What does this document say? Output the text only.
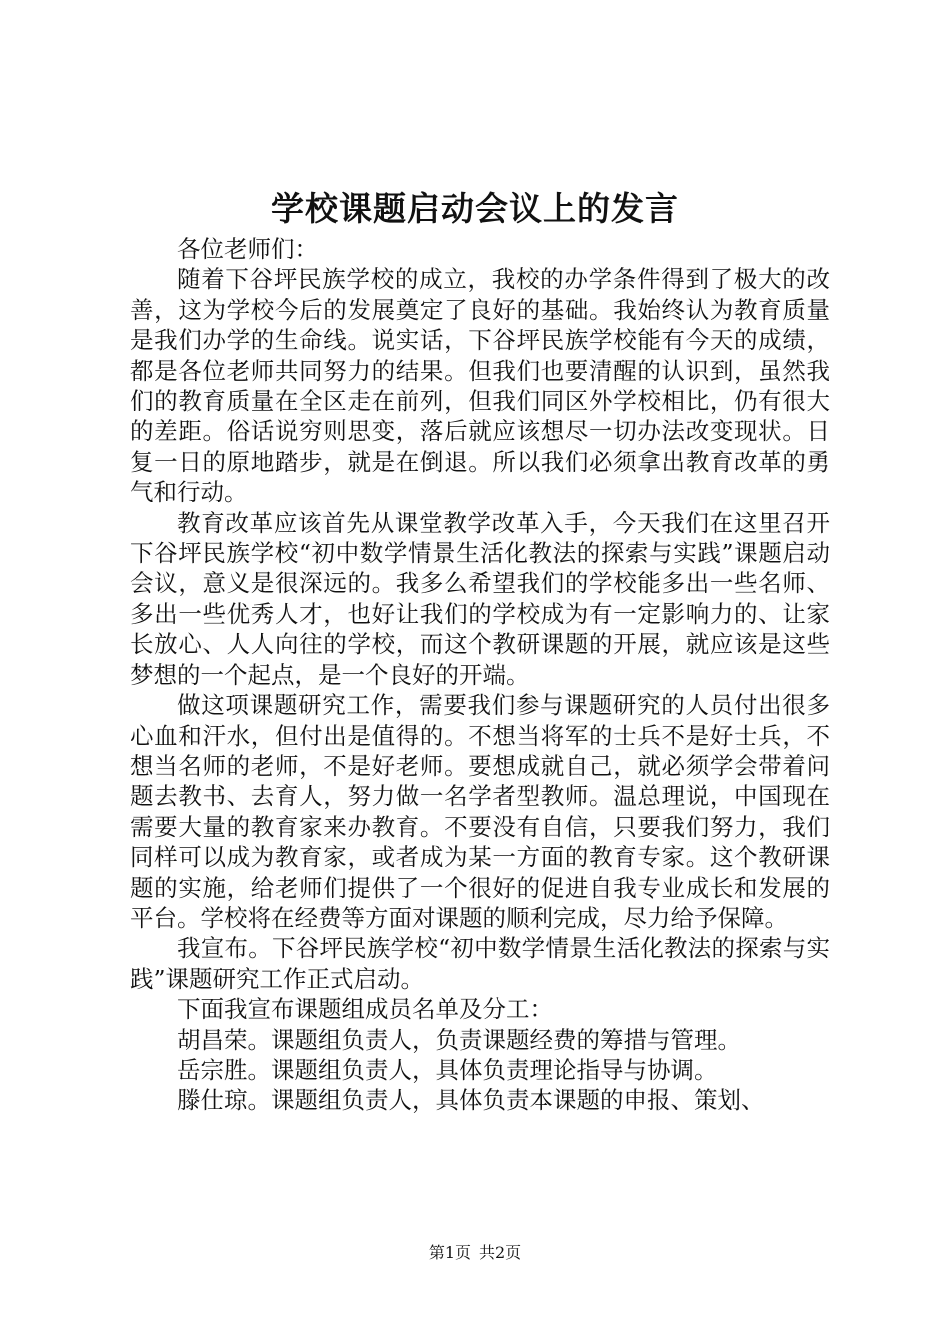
学校课题启动会议上的发言

各位老师们：

随着下谷坪民族学校的成立，我校的办学条件得到了极大的改善，这为学校今后的发展奠定了良好的基础。我始终认为教育质量是我们办学的生命线。说实话，下谷坪民族学校能有今天的成绩，都是各位老师共同努力的结果。但我们也要清醒的认识到，虽然我们的教育质量在全区走在前列，但我们同区外学校相比，仍有很大的差距。俗话说穷则思变，落后就应该想尽一切办法改变现状。日复一日的原地踏步，就是在倒退。所以我们必须拿出教育改革的勇气和行动。

教育改革应该首先从课堂教学改革入手，今天我们在这里召开下谷坪民族学校“初中数学情景生活化教法的探索与实践”课题启动会议，意义是很深远的。我多么希望我们的学校能多出一些名师、多出一些优秀人才，也好让我们的学校成为有一定影响力的、让家长放心、人人向往的学校，而这个教研课题的开展，就应该是这些梦想的一个起点，是一个良好的开端。

做这项课题研究工作，需要我们参与课题研究的人员付出很多心血和汗水，但付出是值得的。不想当将军的士兵不是好士兵，不想当名师的老师，不是好老师。要想成就自己，就必须学会带着问题去教书、去育人，努力做一名学者型教师。温总理说，中国现在需要大量的教育家来办教育。不要没有自信，只要我们努力，我们同样可以成为教育家，或者成为某一方面的教育专家。这个教研课题的实施，给老师们提供了一个很好的促进自我专业成长和发展的平台。学校将在经费等方面对课题的顺利完成，尽力给予保障。

我宣布。下谷坪民族学校“初中数学情景生活化教法的探索与实践”课题研究工作正式启动。

下面我宣布课题组成员名单及分工：

胡昌荣。课题组负责人，负责课题经费的筹措与管理。

岳宗胜。课题组负责人，具体负责理论指导与协调。

滕仕琼。课题组负责人，具体负责本课题的申报、策划、

第1页 共2页
